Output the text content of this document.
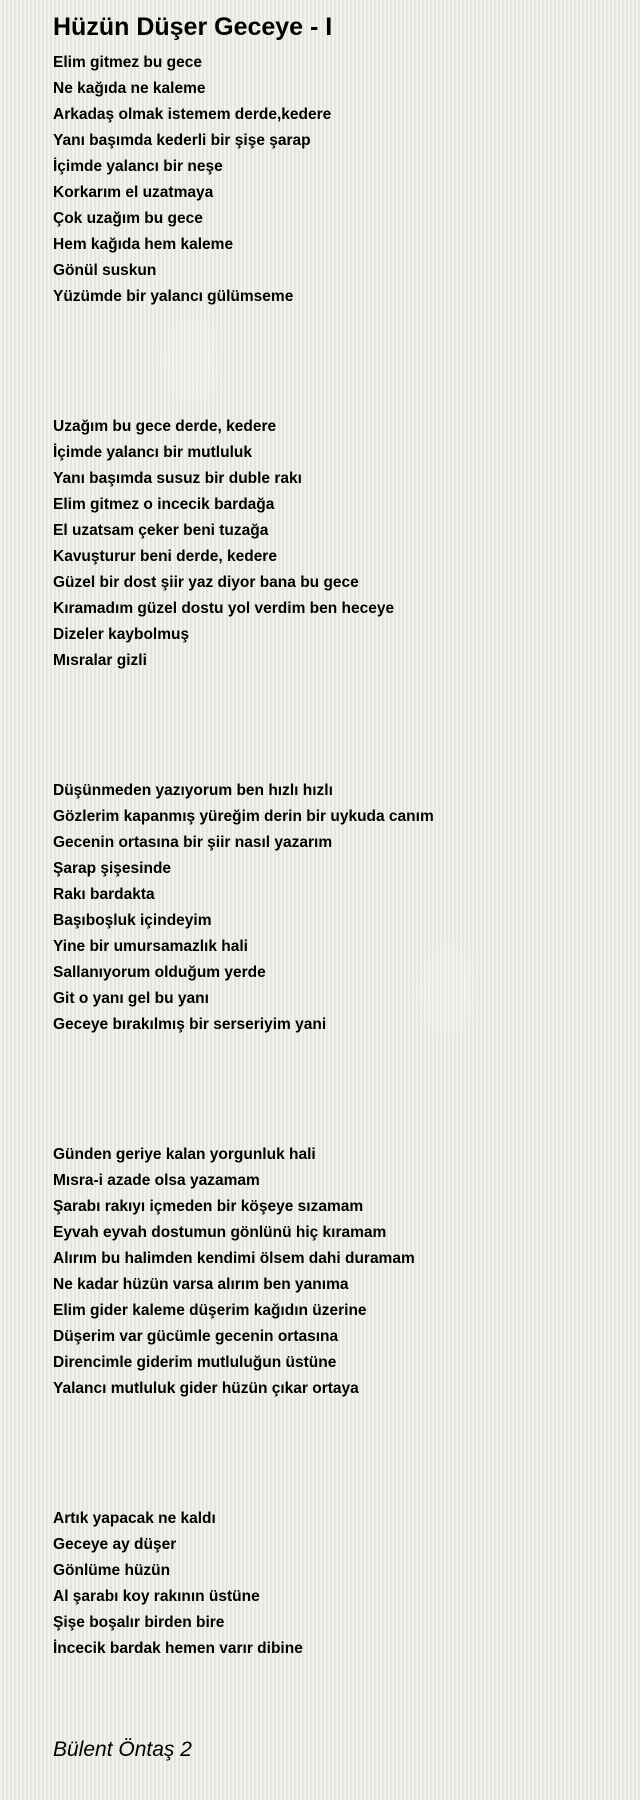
Hüzün Düşer Geceye - I
Elim gitmez bu gece
Ne kağıda ne kaleme
Arkadaş olmak istemem derde,kedere
Yanı başımda kederli bir şişe şarap
İçimde yalancı bir neşe
Korkarım el uzatmaya
Çok uzağım bu gece
Hem kağıda hem kaleme
Gönül suskun
Yüzümde bir yalancı gülümseme
Uzağım bu gece derde, kedere
İçimde yalancı bir mutluluk
Yanı başımda susuz bir duble rakı
Elim gitmez o incecik bardağa
El uzatsam çeker beni tuzağa
Kavuşturur beni derde, kedere
Güzel bir dost şiir yaz diyor bana bu gece
Kıramadım güzel dostu yol verdim ben heceye
Dizeler kaybolmuş
Mısralar gizli
Düşünmeden yazıyorum ben hızlı hızlı
Gözlerim kapanmış yüreğim derin bir uykuda canım
Gecenin ortasına bir şiir nasıl yazarım
Şarap şişesinde
Rakı bardakta
Başıboşluk içindeyim
Yine bir umursamazlık hali
Sallanıyorum olduğum yerde
Git o yanı gel bu yanı
Geceye bırakılmış bir serseriyim yani
Günden geriye kalan yorgunluk hali
Mısra-i azade olsa yazamam
Şarabı rakıyı içmeden bir köşeye sızamam
Eyvah eyvah dostumun gönlünü hiç kıramam
Alırım bu halimden kendimi ölsem dahi duramam
Ne kadar hüzün varsa alırım ben yanıma
Elim gider kaleme düşerim kağıdın üzerine
Düşerim var gücümle gecenin ortasına
Direncimle giderim mutluluğun üstüne
Yalancı mutluluk gider hüzün çıkar ortaya
Artık yapacak ne kaldı
Geceye ay düşer
Gönlüme hüzün
Al şarabı koy rakının üstüne
Şişe boşalır birden bire
İncecik bardak hemen varır dibine
Bülent Öntaş 2
